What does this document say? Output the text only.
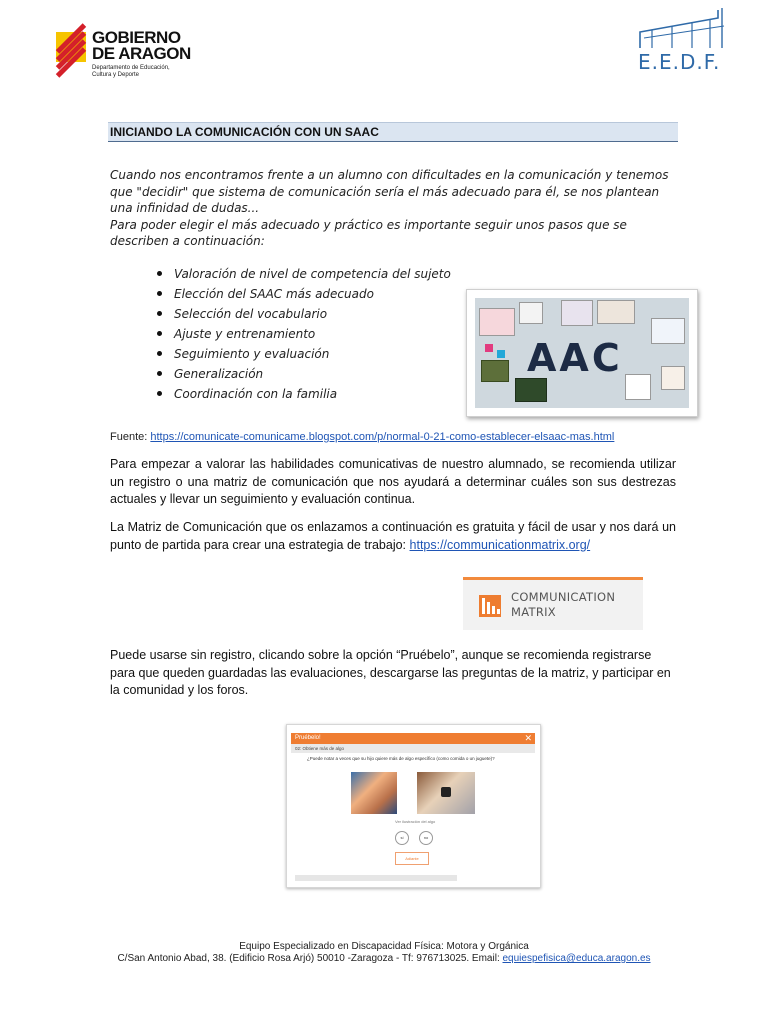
GOBIERNO
DE ARAGON
Departamento de Educación,
Cultura y Deporte
E.E.D.F.
INICIANDO LA COMUNICACIÓN CON UN SAAC

Cuando nos encontramos frente a un alumno con dificultades en la comunicación y tenemos que "decidir" que sistema de comunicación sería el más adecuado para él, se nos plantean una infinidad de dudas...

Para poder elegir el más adecuado y práctico es importante seguir unos pasos que se describen a continuación:

Valoración de nivel de competencia del sujeto
Elección del SAAC más adecuado
Selección del vocabulario
Ajuste y entrenamiento
Seguimiento y evaluación
Generalización
Coordinación con la familia
AAC
Fuente: https://comunicate-comunicame.blogspot.com/p/normal-0-21-como-establecer-elsaac-mas.html
Para empezar a valorar las habilidades comunicativas de nuestro alumnado, se recomienda utilizar un registro o una matriz de comunicación que nos ayudará a determinar cuáles son sus destrezas actuales y llevar un seguimiento y evaluación continua.
La Matriz de Comunicación que os enlazamos a continuación es gratuita y fácil de usar y nos dará un punto de partida para crear una estrategia de trabajo: https://communicationmatrix.org/
COMMUNICATION
MATRIX
Puede usarse sin registro, clicando sobre la opción “Pruébelo”, aunque se recomienda registrarse para que queden guardadas las evaluaciones, descargarse las preguntas de la matriz, y participar en la comunidad y los foros.
Pruébelo!	✕
02: Obtiene más de algo
¿Puede notar a veces que su hijo quiere más de algo específico (como comida o un juguete)?
Ver ilustración del algo
sí	no
Adiante
Equipo Especializado en Discapacidad Física: Motora y Orgánica
C/San Antonio Abad, 38. (Edificio Rosa Arjó) 50010 -Zaragoza - Tf: 976713025. Email: equiespefisica@educa.aragon.es
